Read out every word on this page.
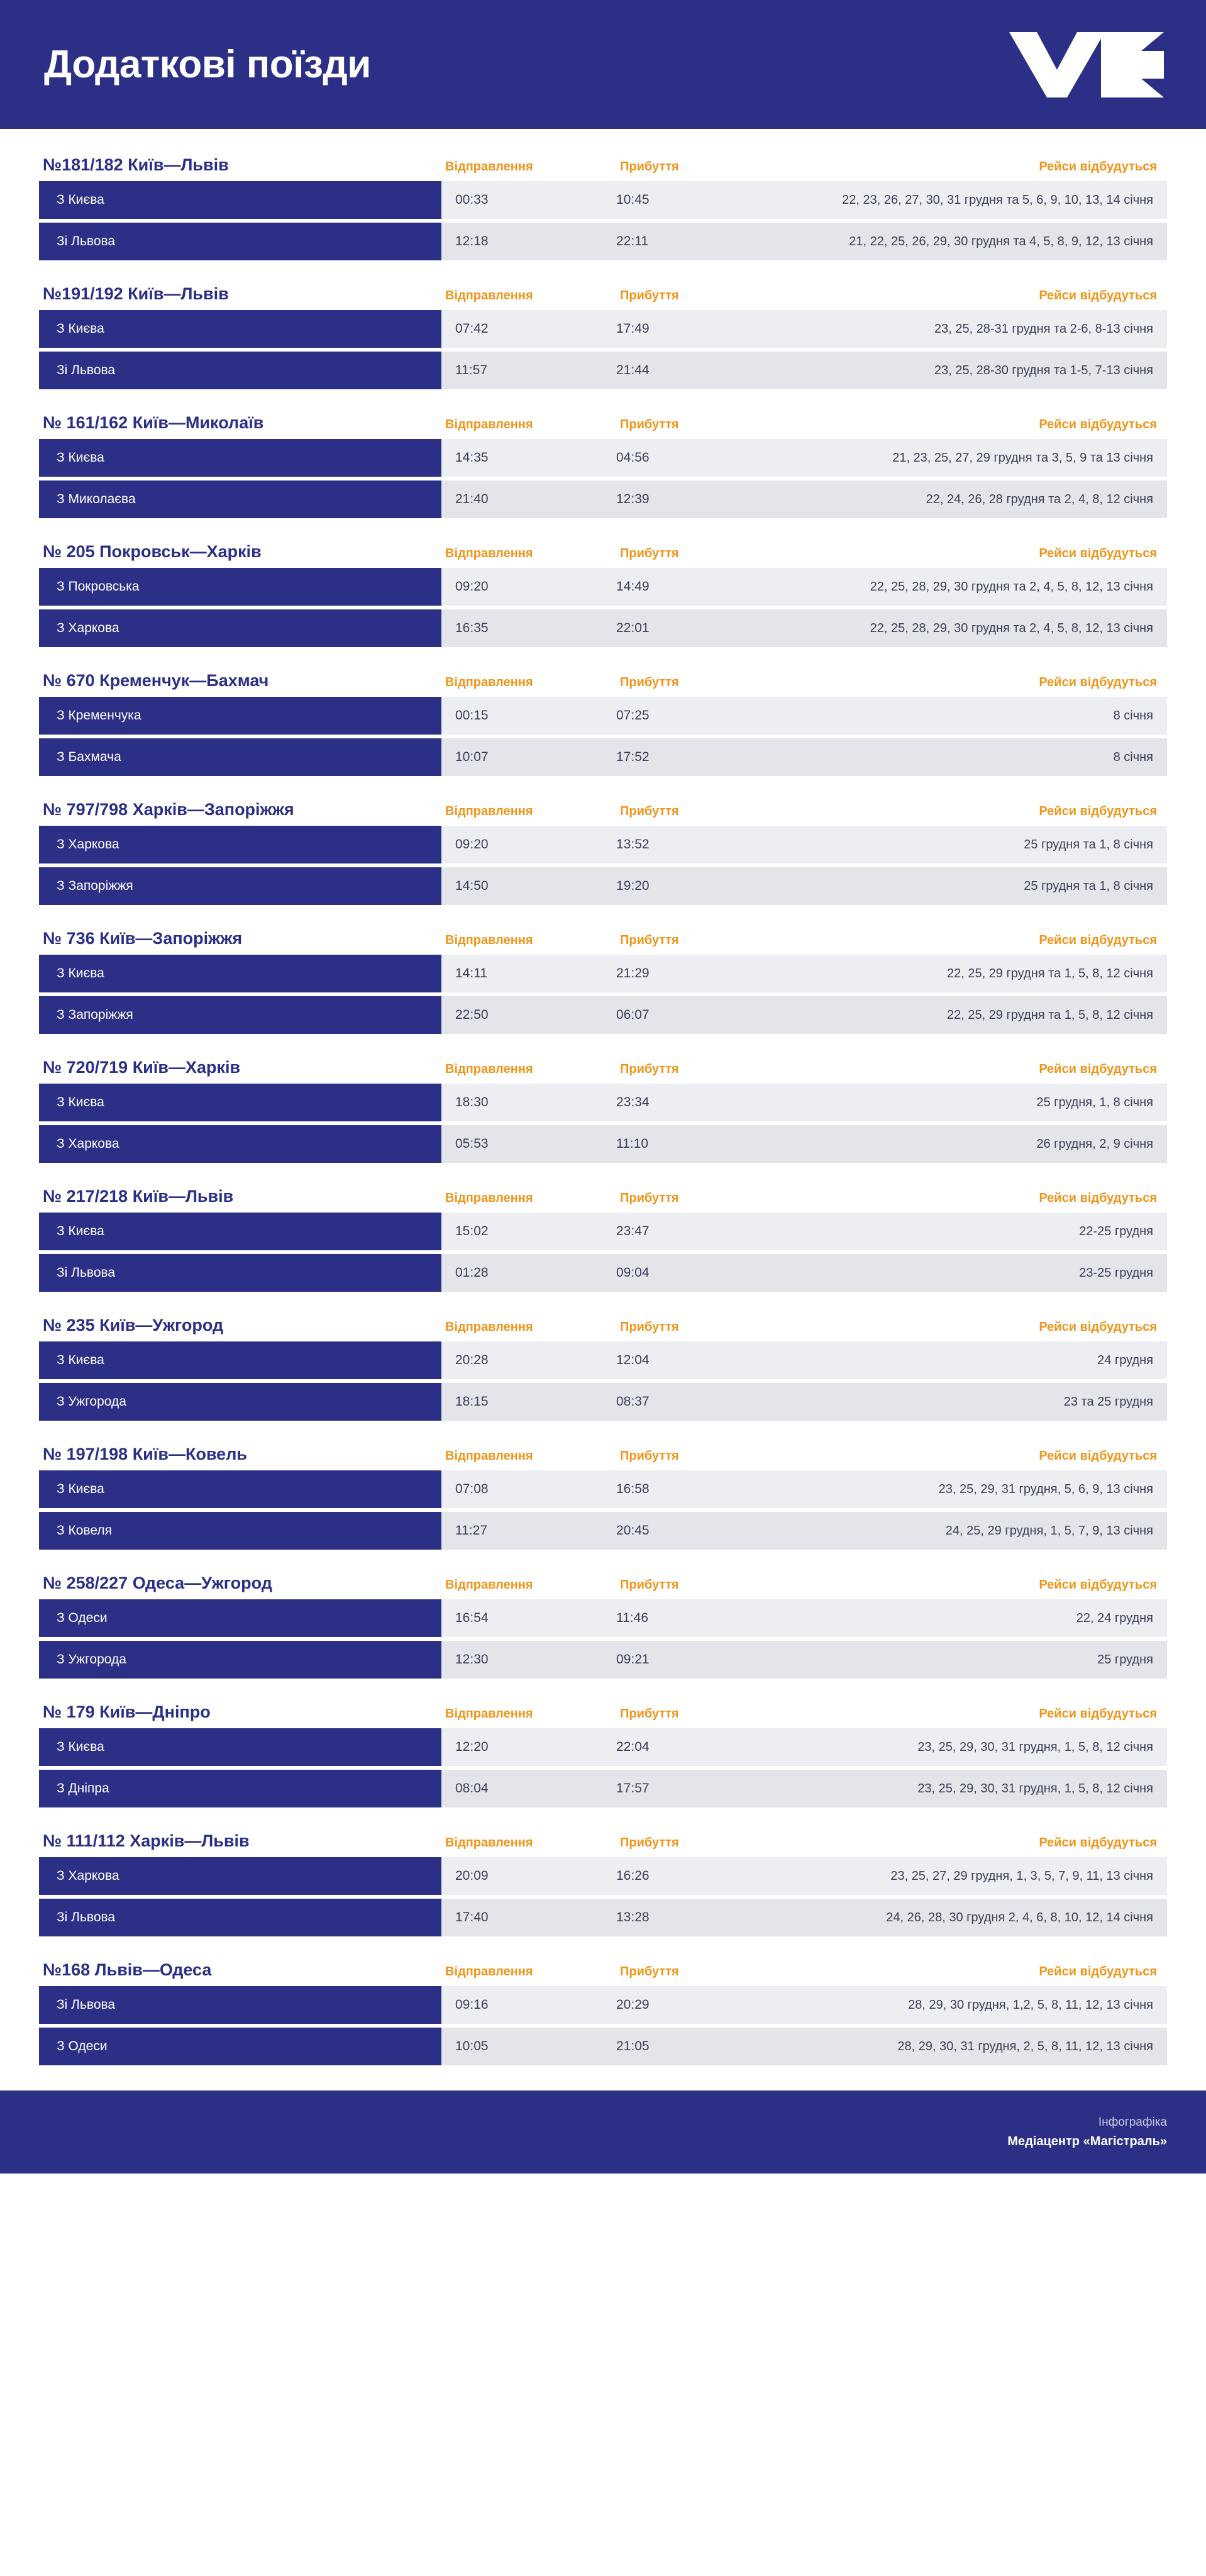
Додаткові поїзди
№181/182 Київ—Львів	Відправлення	Прибуття	Рейси відбудуться
З Києва	00:33	10:45	22, 23, 26, 27, 30, 31 грудня та 5, 6, 9, 10, 13, 14 січня
Зі Львова	12:18	22:11	21, 22, 25, 26, 29, 30 грудня та 4, 5, 8, 9, 12, 13 січня
№191/192 Київ—Львів	Відправлення	Прибуття	Рейси відбудуться
З Києва	07:42	17:49	23, 25, 28-31 грудня та 2-6, 8-13 січня
Зі Львова	11:57	21:44	23, 25, 28-30 грудня та 1-5, 7-13 січня
№ 161/162 Київ—Миколаїв	Відправлення	Прибуття	Рейси відбудуться
З Києва	14:35	04:56	21, 23, 25, 27, 29 грудня та 3, 5, 9 та 13 січня
З Миколаєва	21:40	12:39	22, 24, 26, 28 грудня та 2, 4, 8, 12 січня
№ 205 Покровськ—Харків	Відправлення	Прибуття	Рейси відбудуться
З Покровська	09:20	14:49	22, 25, 28, 29, 30 грудня та 2, 4, 5, 8, 12, 13 січня
З Харкова	16:35	22:01	22, 25, 28, 29, 30 грудня та 2, 4, 5, 8, 12, 13 січня
№ 670 Кременчук—Бахмач	Відправлення	Прибуття	Рейси відбудуться
З Кременчука	00:15	07:25	8 січня
З Бахмача	10:07	17:52	8 січня
№ 797/798 Харків—Запоріжжя	Відправлення	Прибуття	Рейси відбудуться
З Харкова	09:20	13:52	25 грудня та 1, 8 січня
З Запоріжжя	14:50	19:20	25 грудня та 1, 8 січня
№ 736 Київ—Запоріжжя	Відправлення	Прибуття	Рейси відбудуться
З Києва	14:11	21:29	22, 25, 29 грудня та 1, 5, 8, 12 січня
З Запоріжжя	22:50	06:07	22, 25, 29 грудня та 1, 5, 8, 12 січня
№ 720/719 Київ—Харків	Відправлення	Прибуття	Рейси відбудуться
З Києва	18:30	23:34	25 грудня, 1, 8 січня
З Харкова	05:53	11:10	26 грудня, 2, 9 січня
№ 217/218 Київ—Львів	Відправлення	Прибуття	Рейси відбудуться
З Києва	15:02	23:47	22-25 грудня
Зі Львова	01:28	09:04	23-25 грудня
№ 235 Київ—Ужгород	Відправлення	Прибуття	Рейси відбудуться
З Києва	20:28	12:04	24 грудня
З Ужгорода	18:15	08:37	23 та 25 грудня
№ 197/198 Київ—Ковель	Відправлення	Прибуття	Рейси відбудуться
З Києва	07:08	16:58	23, 25, 29, 31 грудня, 5, 6, 9, 13 січня
З Ковеля	11:27	20:45	24, 25, 29 грудня, 1, 5, 7, 9, 13 січня
№ 258/227 Одеса—Ужгород	Відправлення	Прибуття	Рейси відбудуться
З Одеси	16:54	11:46	22, 24 грудня
З Ужгорода	12:30	09:21	25 грудня
№ 179 Київ—Дніпро	Відправлення	Прибуття	Рейси відбудуться
З Києва	12:20	22:04	23, 25, 29, 30, 31 грудня, 1, 5, 8, 12 січня
З Дніпра	08:04	17:57	23, 25, 29, 30, 31 грудня, 1, 5, 8, 12 січня
№ 111/112 Харків—Львів	Відправлення	Прибуття	Рейси відбудуться
З Харкова	20:09	16:26	23, 25, 27, 29 грудня, 1, 3, 5, 7, 9, 11, 13 січня
Зі Львова	17:40	13:28	24, 26, 28, 30 грудня 2, 4, 6, 8, 10, 12, 14 січня
№168 Львів—Одеса	Відправлення	Прибуття	Рейси відбудуться
Зі Львова	09:16	20:29	28, 29, 30 грудня, 1,2, 5, 8, 11, 12, 13 січня
З Одеси	10:05	21:05	28, 29, 30, 31 грудня, 2, 5, 8, 11, 12, 13 січня
Інфографіка
Медіацентр «Магістраль»
